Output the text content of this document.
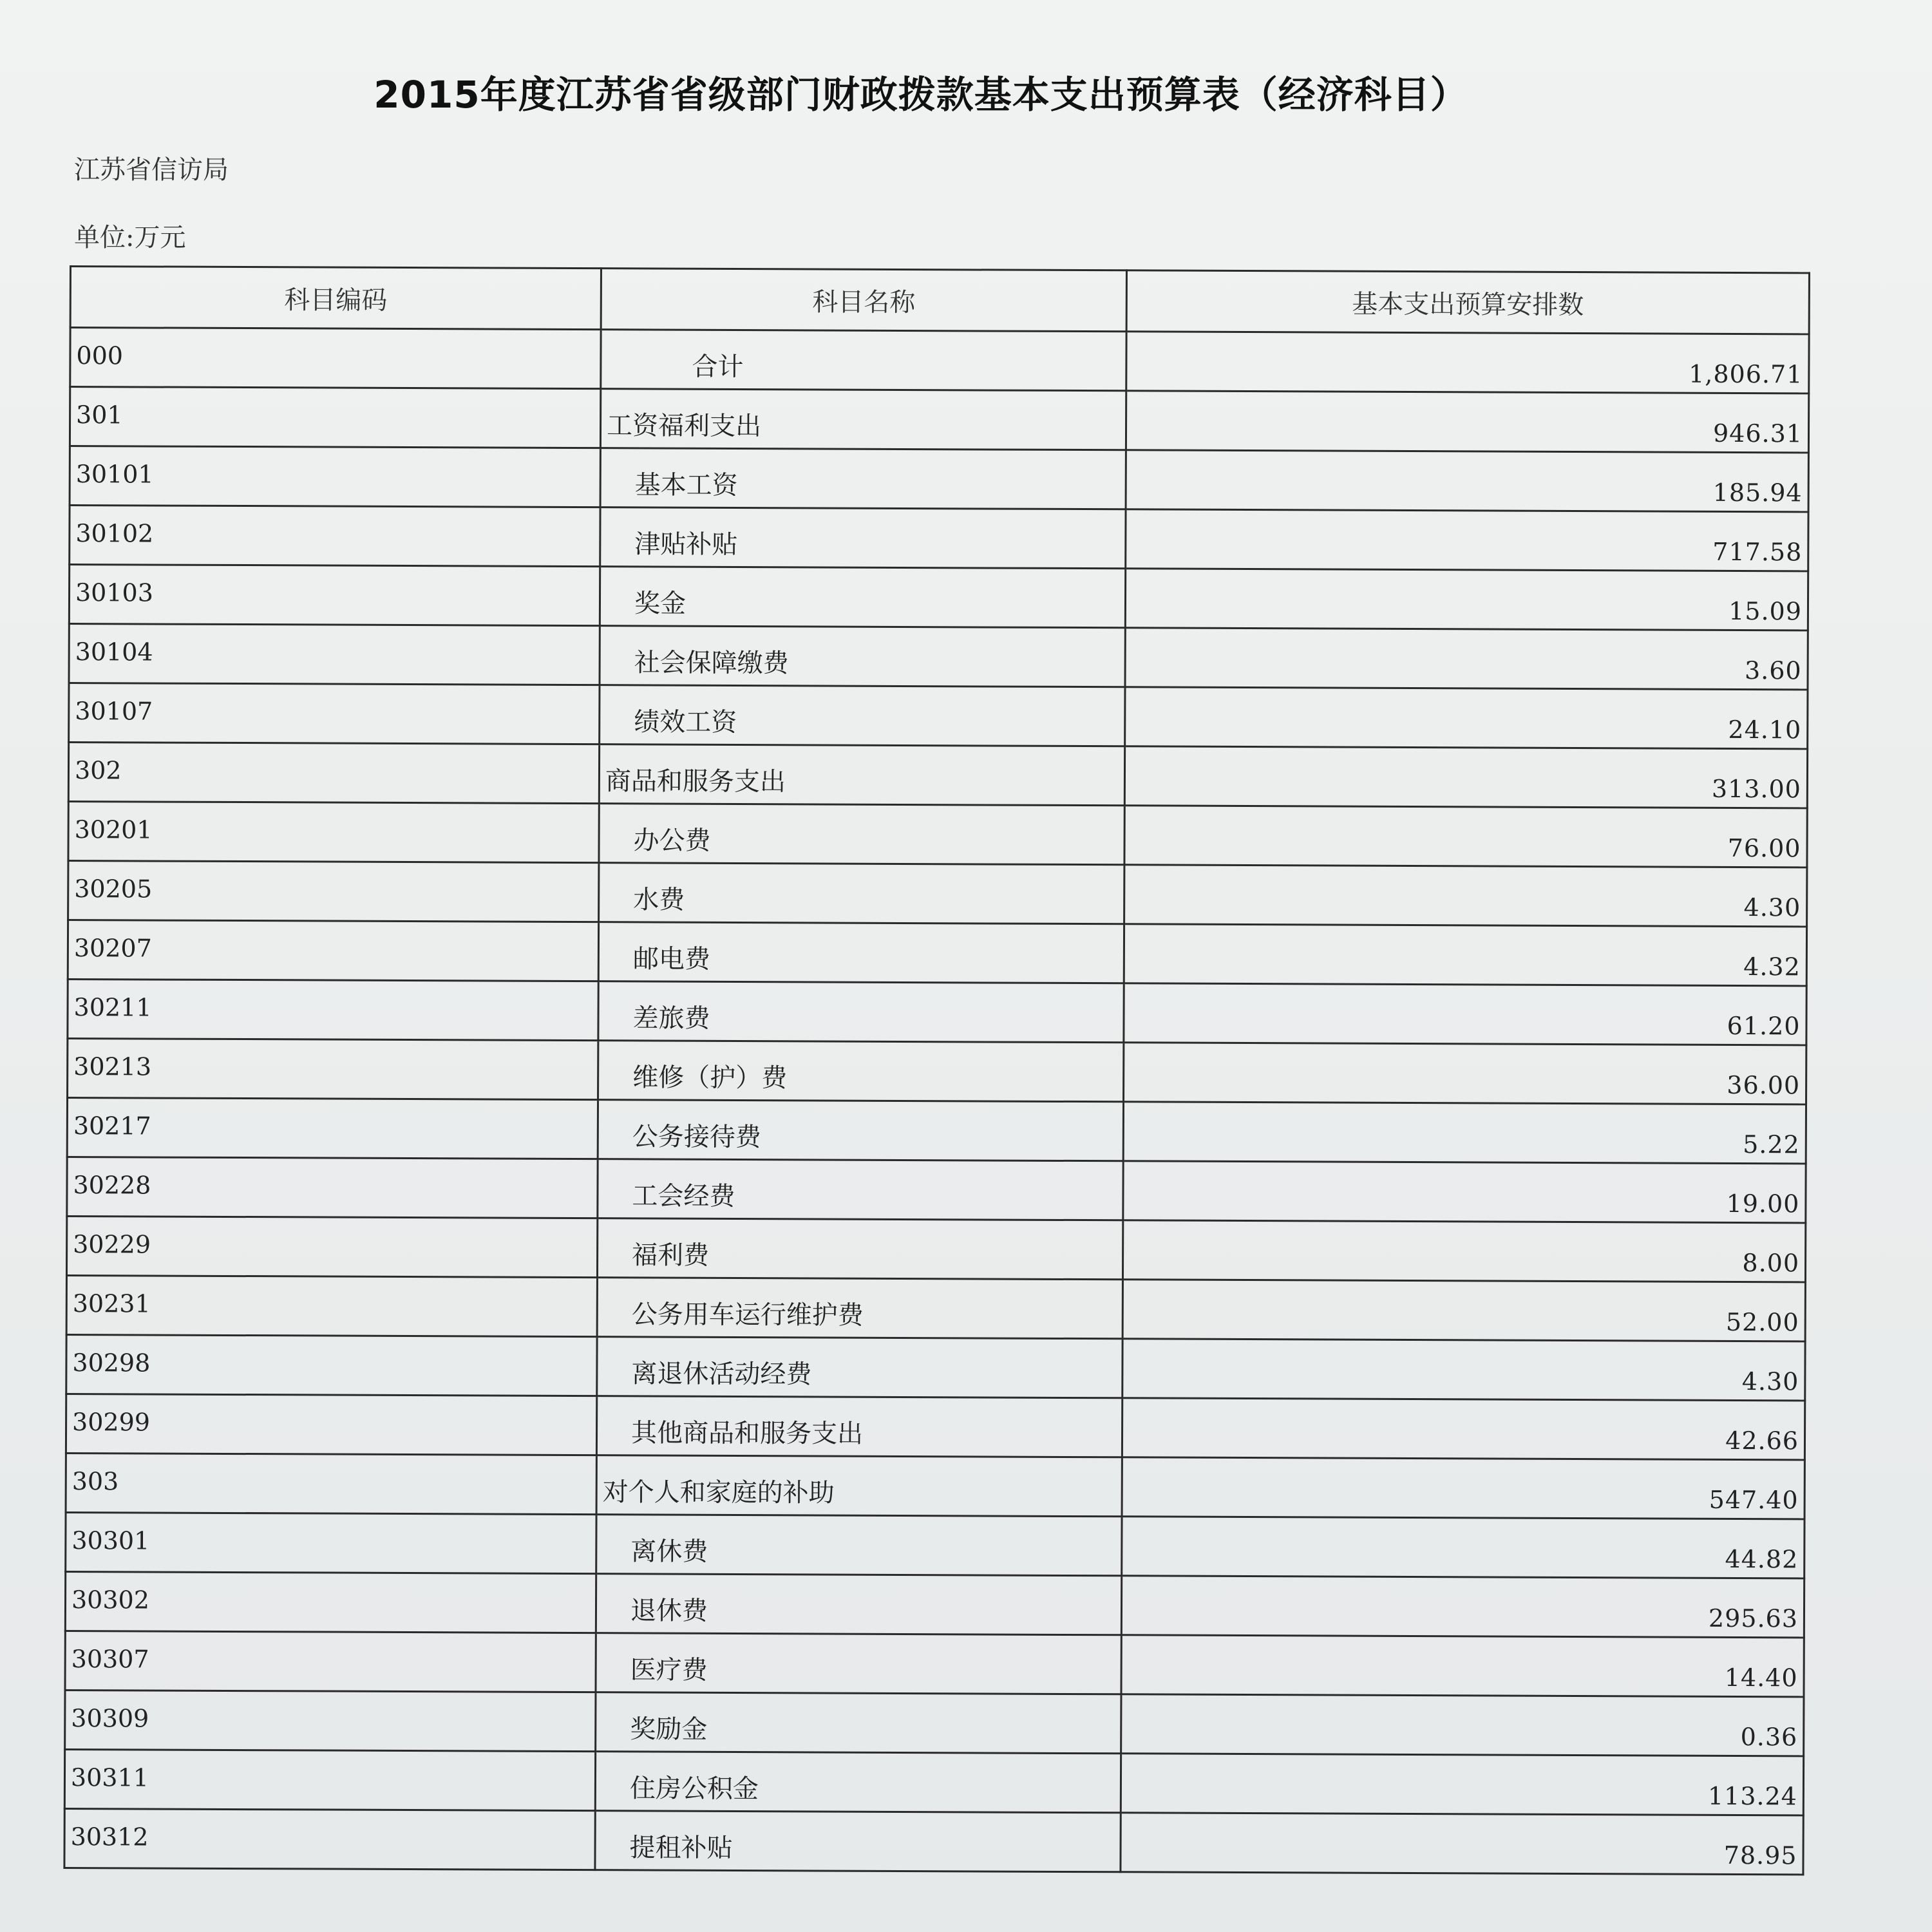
2015年度江苏省省级部门财政拨款基本支出预算表（经济科目）
江苏省信访局
单位:万元
科目编码	科目名称	基本支出预算安排数

000	合计	1,806.71

301	工资福利支出	946.31

30101	基本工资	185.94

30102	津贴补贴	717.58

30103	奖金	15.09

30104	社会保障缴费	3.60

30107	绩效工资	24.10

302	商品和服务支出	313.00

30201	办公费	76.00

30205	水费	4.30

30207	邮电费	4.32

30211	差旅费	61.20

30213	维修（护）费	36.00

30217	公务接待费	5.22

30228	工会经费	19.00

30229	福利费	8.00

30231	公务用车运行维护费	52.00

30298	离退休活动经费	4.30

30299	其他商品和服务支出	42.66

303	对个人和家庭的补助	547.40

30301	离休费	44.82

30302	退休费	295.63

30307	医疗费	14.40

30309	奖励金	0.36

30311	住房公积金	113.24

30312	提租补贴	78.95
